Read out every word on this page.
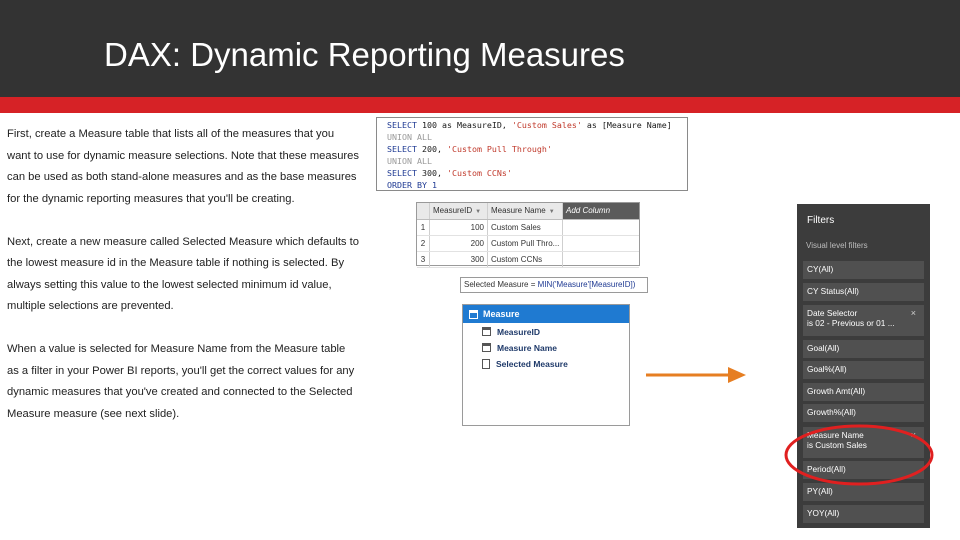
DAX: Dynamic Reporting Measures

First, create a Measure table that lists all of the measures that you want to use for dynamic measure selections. Note that these measures can be used as both stand-alone measures and as the base measures for the dynamic reporting measures that you'll be creating.

Next, create a new measure called Selected Measure which defaults to the lowest measure id in the Measure table if nothing is selected. By always setting this value to the lowest selected minimum id value, multiple selections are prevented.

When a value is selected for Measure Name from the Measure table as a filter in your Power BI reports, you'll get the correct values for any dynamic measures that you've created and connected to the Selected Measure measure (see next slide).

SELECT 100 as MeasureID, 'Custom Sales' as [Measure Name]
UNION ALL
SELECT 200, 'Custom Pull Through'
UNION ALL
SELECT 300, 'Custom CCNs'
ORDER BY 1
MeasureID ▼	Measure Name ▼	Add Column
1	100 Custom Sales
2	200 Custom Pull Thro...
3	300 Custom CCNs
Selected Measure = MIN('Measure'[MeasureID])
Measure
MeasureID
Measure Name
Selected Measure
Filters
Visual level filters
CY(All)
CY Status(All)
Date Selector
is 02 - Previous or 01 ...
×
Goal(All)
Goal%(All)
Growth Amt(All)
Growth%(All)
Measure Name
is Custom Sales
×
Period(All)
PY(All)
YOY(All)
